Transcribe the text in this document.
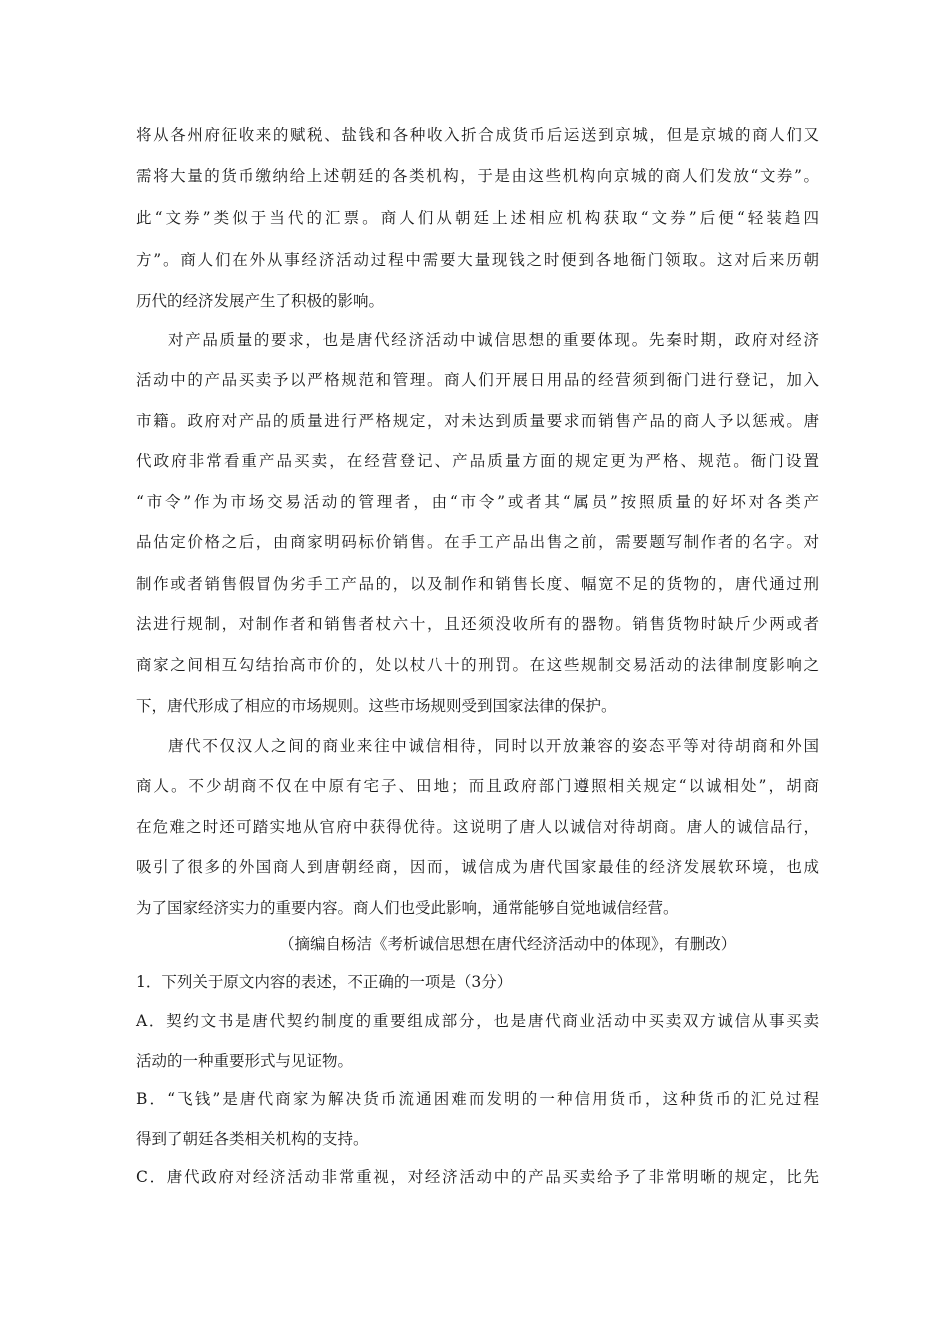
将从各州府征收来的赋税、盐钱和各种收入折合成货币后运送到京城，但是京城的商人们又
需将大量的货币缴纳给上述朝廷的各类机构，于是由这些机构向京城的商人们发放“文券”。
此“文券”类似于当代的汇票。商人们从朝廷上述相应机构获取“文券”后便“轻装趋四
方”。商人们在外从事经济活动过程中需要大量现钱之时便到各地衙门领取。这对后来历朝
历代的经济发展产生了积极的影响。
对产品质量的要求，也是唐代经济活动中诚信思想的重要体现。先秦时期，政府对经济
活动中的产品买卖予以严格规范和管理。商人们开展日用品的经营须到衙门进行登记，加入
市籍。政府对产品的质量进行严格规定，对未达到质量要求而销售产品的商人予以惩戒。唐
代政府非常看重产品买卖，在经营登记、产品质量方面的规定更为严格、规范。衙门设置
“市令”作为市场交易活动的管理者，由“市令”或者其“属员”按照质量的好坏对各类产
品估定价格之后，由商家明码标价销售。在手工产品出售之前，需要题写制作者的名字。对
制作或者销售假冒伪劣手工产品的，以及制作和销售长度、幅宽不足的货物的，唐代通过刑
法进行规制，对制作者和销售者杖六十，且还须没收所有的器物。销售货物时缺斤少两或者
商家之间相互勾结抬高市价的，处以杖八十的刑罚。在这些规制交易活动的法律制度影响之
下，唐代形成了相应的市场规则。这些市场规则受到国家法律的保护。
唐代不仅汉人之间的商业来往中诚信相待，同时以开放兼容的姿态平等对待胡商和外国
商人。不少胡商不仅在中原有宅子、田地；而且政府部门遵照相关规定“以诚相处”，胡商
在危难之时还可踏实地从官府中获得优待。这说明了唐人以诚信对待胡商。唐人的诚信品行，
吸引了很多的外国商人到唐朝经商，因而，诚信成为唐代国家最佳的经济发展软环境，也成
为了国家经济实力的重要内容。商人们也受此影响，通常能够自觉地诚信经营。
（摘编自杨洁《考析诚信思想在唐代经济活动中的体现》，有删改）
1．下列关于原文内容的表述，不正确的一项是（3分）
A．契约文书是唐代契约制度的重要组成部分，也是唐代商业活动中买卖双方诚信从事买卖
活动的一种重要形式与见证物。
B．“飞钱”是唐代商家为解决货币流通困难而发明的一种信用货币，这种货币的汇兑过程
得到了朝廷各类相关机构的支持。
C．唐代政府对经济活动非常重视，对经济活动中的产品买卖给予了非常明晰的规定，比先
